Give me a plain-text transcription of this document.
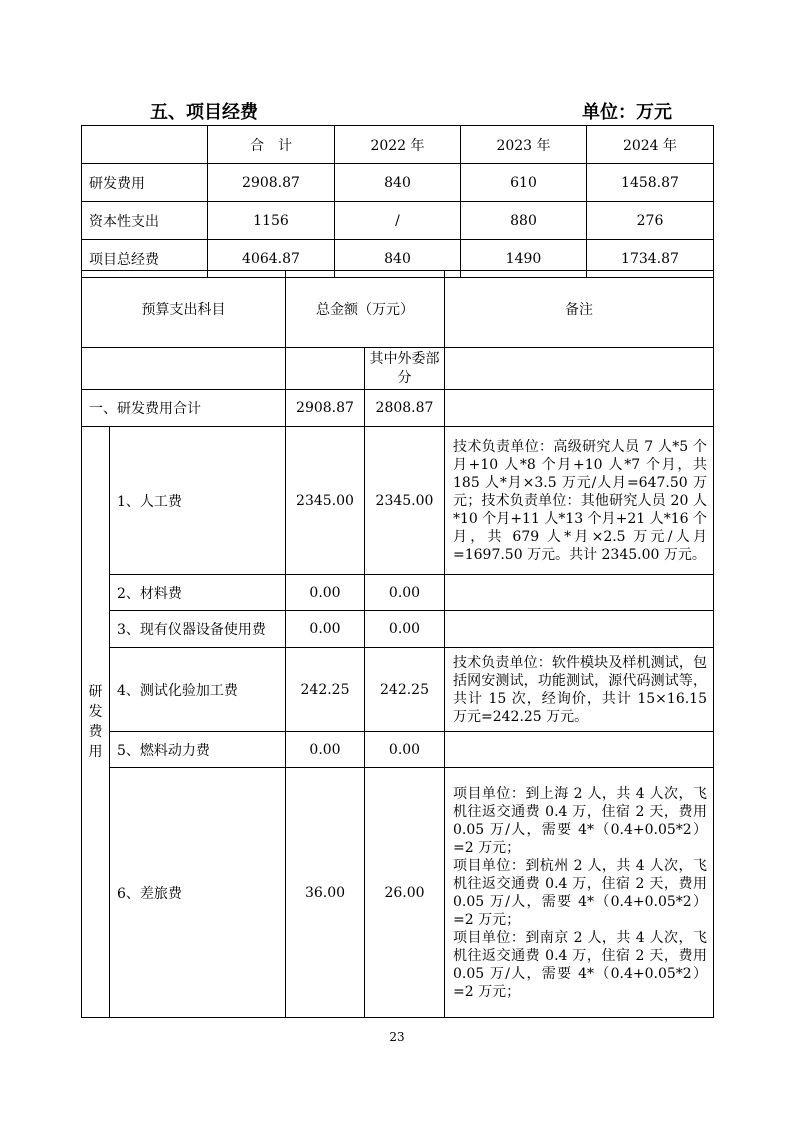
五、项目经费	单位：万元
	合　计	2022 年	2023 年	2024 年
研发费用	2908.87	840	610	1458.87
资本性支出	1156	/	880	276
项目总经费	4064.87	840	1490	1734.87
预算支出科目		总金额（万元）		备注
			其中外委部分	
一、研发费用合计		2908.87	2808.87	

研
发
费
用	1、人工费	2345.00	2345.00	技术负责单位：高级研究人员 7 人*5 个月+10 人*8 个月+10 人*7 个月，共 185 人*月×3.5 万元/人月=647.50 万元；技术负责单位：其他研究人员 20 人*10 个月+11 人*13 个月+21 人*16 个月，共 679 人*月×2.5 万元/人月=1697.50 万元。共计 2345.00 万元。
	2、材料费	0.00	0.00	
	3、现有仪器设备使用费	0.00	0.00	
	4、测试化验加工费	242.25	242.25	技术负责单位：软件模块及样机测试，包括网安测试，功能测试，源代码测试等，共计 15 次，经询价，共计 15×16.15 万元=242.25 万元。
	5、燃料动力费	0.00	0.00	
	6、差旅费	36.00	26.00	项目单位：到上海 2 人，共 4 人次，飞机往返交通费 0.4 万，住宿 2 天，费用 0.05 万/人，需要 4*（0.4+0.05*2）=2 万元；
项目单位：到杭州 2 人，共 4 人次，飞机往返交通费 0.4 万，住宿 2 天，费用 0.05 万/人，需要 4*（0.4+0.05*2）=2 万元；
项目单位：到南京 2 人，共 4 人次，飞机往返交通费 0.4 万，住宿 2 天，费用 0.05 万/人，需要 4*（0.4+0.05*2）=2 万元；
23
